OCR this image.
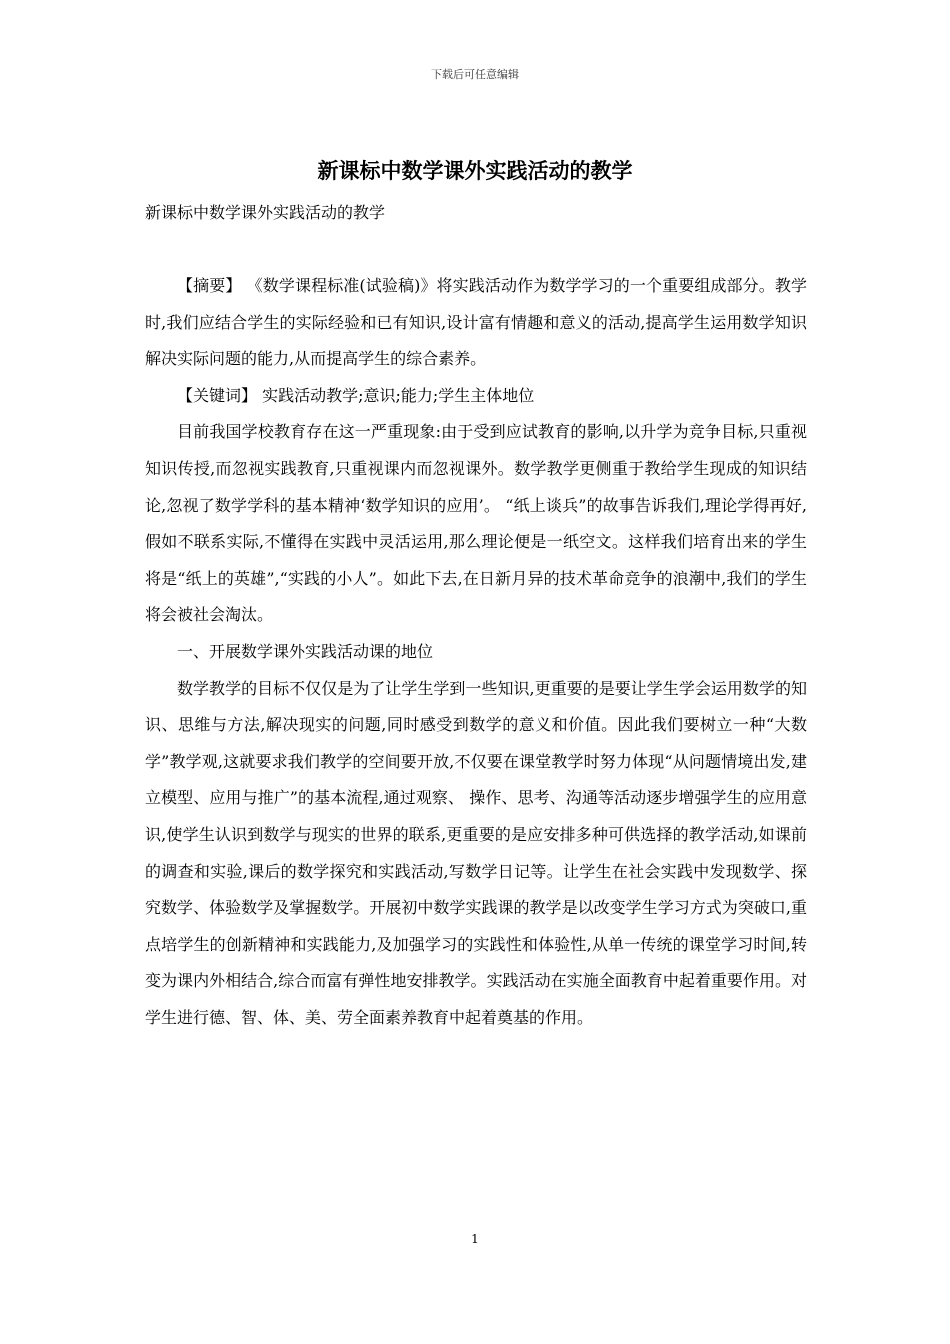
下载后可任意编辑
新课标中数学课外实践活动的教学
新课标中数学课外实践活动的教学

【摘要】 《数学课程标准(试验稿)》将实践活动作为数学学习的一个重要组成部分。教学时,我们应结合学生的实际经验和已有知识,设计富有情趣和意义的活动,提高学生运用数学知识解决实际问题的能力,从而提高学生的综合素养。

【关键词】 实践活动教学;意识;能力;学生主体地位

目前我国学校教育存在这一严重现象:由于受到应试教育的影响,以升学为竞争目标,只重视知识传授,而忽视实践教育,只重视课内而忽视课外。数学教学更侧重于教给学生现成的知识结论,忽视了数学学科的基本精神‘数学知识的应用’。 “纸上谈兵”的故事告诉我们,理论学得再好,假如不联系实际,不懂得在实践中灵活运用,那么理论便是一纸空文。这样我们培育出来的学生将是“纸上的英雄”,“实践的小人”。如此下去,在日新月异的技术革命竞争的浪潮中,我们的学生将会被社会淘汰。

一、开展数学课外实践活动课的地位

数学教学的目标不仅仅是为了让学生学到一些知识,更重要的是要让学生学会运用数学的知识、思维与方法,解决现实的问题,同时感受到数学的意义和价值。因此我们要树立一种“大数学”教学观,这就要求我们教学的空间要开放,不仅要在课堂教学时努力体现“从问题情境出发,建立模型、应用与推广”的基本流程,通过观察、 操作、思考、沟通等活动逐步增强学生的应用意识,使学生认识到数学与现实的世界的联系,更重要的是应安排多种可供选择的教学活动,如课前的调查和实验,课后的数学探究和实践活动,写数学日记等。让学生在社会实践中发现数学、探究数学、体验数学及掌握数学。开展初中数学实践课的教学是以改变学生学习方式为突破口,重点培学生的创新精神和实践能力,及加强学习的实践性和体验性,从单一传统的课堂学习时间,转变为课内外相结合,综合而富有弹性地安排教学。实践活动在实施全面教育中起着重要作用。对学生进行德、智、体、美、劳全面素养教育中起着奠基的作用。

1
